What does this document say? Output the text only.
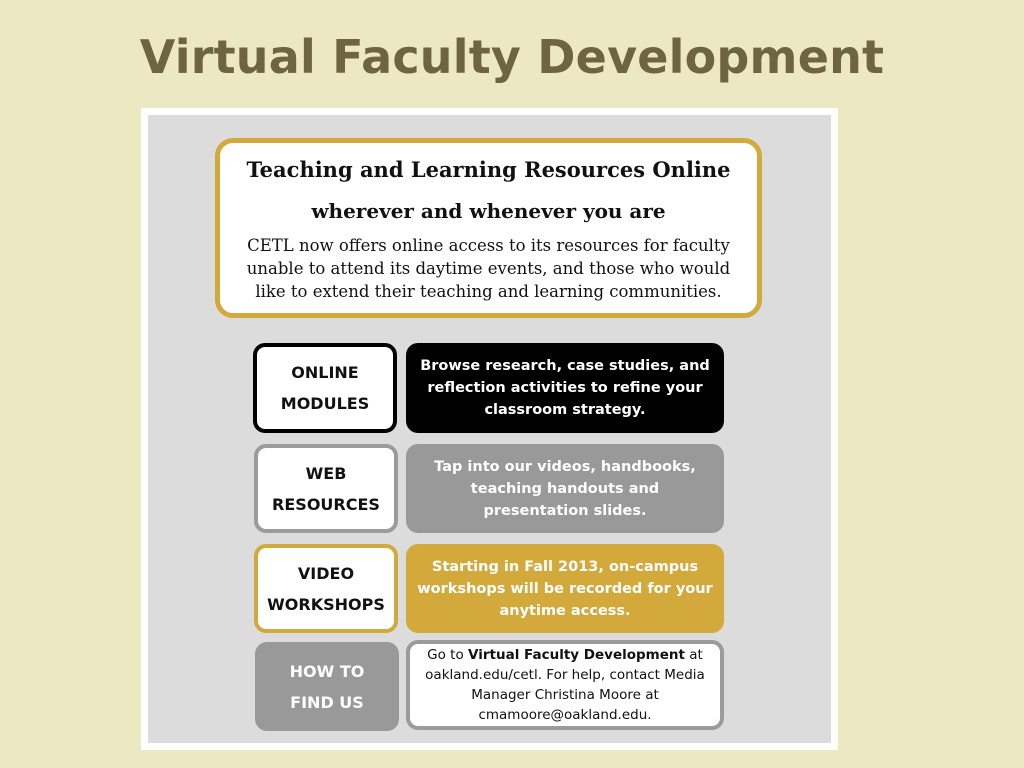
Virtual Faculty Development
Teaching and Learning Resources Online
wherever and whenever you are
CETL now offers online access to its resources for faculty unable to attend its daytime events, and those who would like to extend their teaching and learning communities.
ONLINE
MODULES
Browse research, case studies, and reflection activities to refine your classroom strategy.
WEB
RESOURCES
Tap into our videos, handbooks, teaching handouts and presentation slides.
VIDEO
WORKSHOPS
Starting in Fall 2013, on-campus workshops will be recorded for your anytime access.
HOW TO
FIND US
Go to Virtual Faculty Development at oakland.edu/cetl. For help, contact Media Manager Christina Moore at cmamoore@oakland.edu.
